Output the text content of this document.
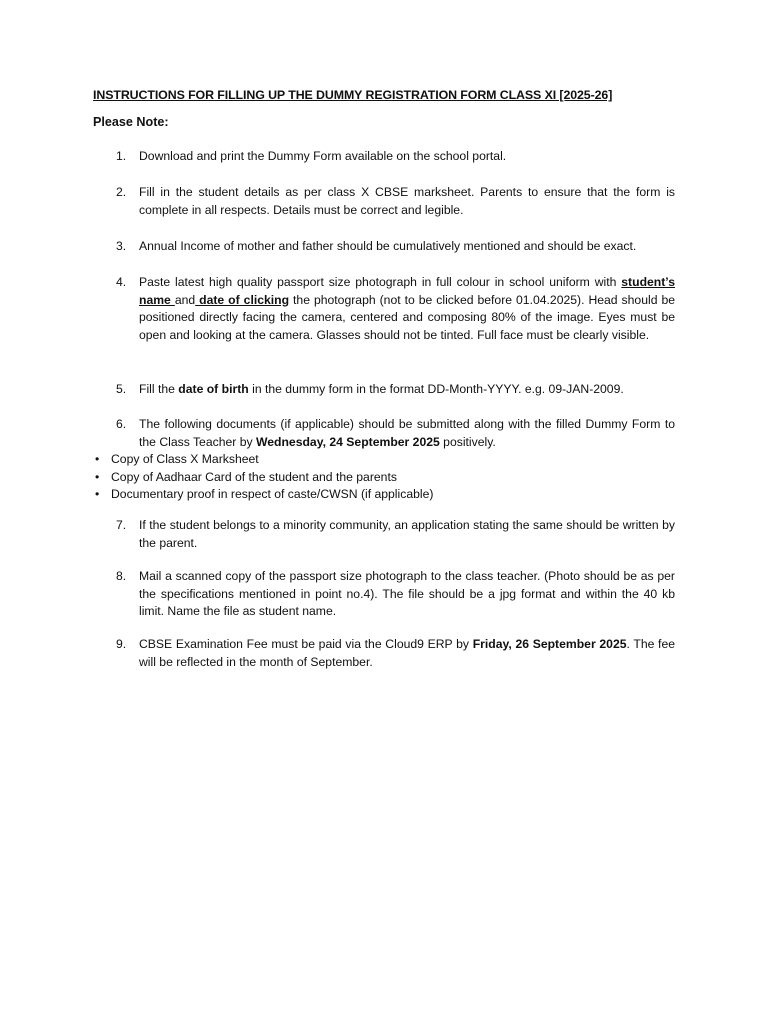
INSTRUCTIONS FOR FILLING UP THE DUMMY REGISTRATION FORM CLASS XI [2025-26]
Please Note:
1.	Download and print the Dummy Form available on the school portal.
2.	Fill in the student details as per class X CBSE marksheet. Parents to ensure that the form is complete in all respects. Details must be correct and legible.
3.	Annual Income of mother and father should be cumulatively mentioned and should be exact.
4.	Paste latest high quality passport size photograph in full colour in school uniform with student’s name and date of clicking the photograph (not to be clicked before 01.04.2025). Head should be positioned directly facing the camera, centered and composing 80% of the image. Eyes must be open and looking at the camera. Glasses should not be tinted. Full face must be clearly visible.
5.	Fill the date of birth in the dummy form in the format DD-Month-YYYY. e.g. 09-JAN-2009.
6.	The following documents (if applicable) should be submitted along with the filled Dummy Form to the Class Teacher by Wednesday, 24 September 2025 positively.
• Copy of Class X Marksheet
• Copy of Aadhaar Card of the student and the parents
• Documentary proof in respect of caste/CWSN (if applicable)
7.	If the student belongs to a minority community, an application stating the same should be written by the parent.
8.	Mail a scanned copy of the passport size photograph to the class teacher. (Photo should be as per the specifications mentioned in point no.4). The file should be a jpg format and within the 40 kb limit. Name the file as student name.
9.	CBSE Examination Fee must be paid via the Cloud9 ERP by Friday, 26 September 2025. The fee will be reflected in the month of September.
